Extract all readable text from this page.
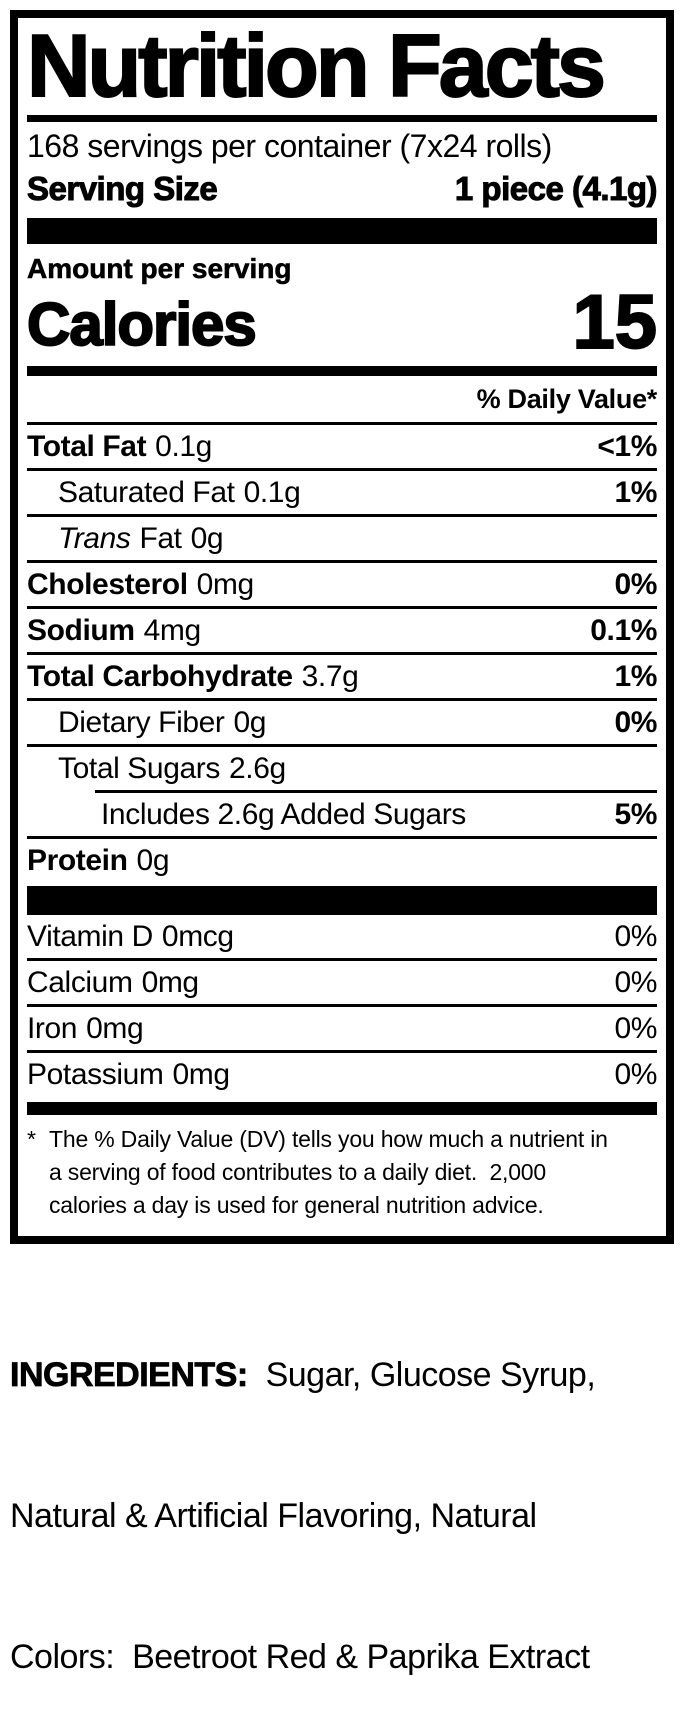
Nutrition Facts
168 servings per container (7x24 rolls)
Serving Size	1 piece (4.1g)
Amount per serving
Calories	15
% Daily Value*
Total Fat 0.1g	<1%
Saturated Fat 0.1g	1%
Trans Fat 0g
Cholesterol 0mg	0%
Sodium 4mg	0.1%
Total Carbohydrate 3.7g	1%
Dietary Fiber 0g	0%
Total Sugars 2.6g
Includes 2.6g Added Sugars	5%
Protein 0g
Vitamin D 0mcg	0%
Calcium 0mg	0%
Iron 0mg	0%
Potassium 0mg	0%
* The % Daily Value (DV) tells you how much a nutrient in
a serving of food contributes to a daily diet.  2,000
calories a day is used for general nutrition advice.

INGREDIENTS:  Sugar, Glucose Syrup,

Natural & Artificial Flavoring, Natural

Colors:  Beetroot Red & Paprika Extract
